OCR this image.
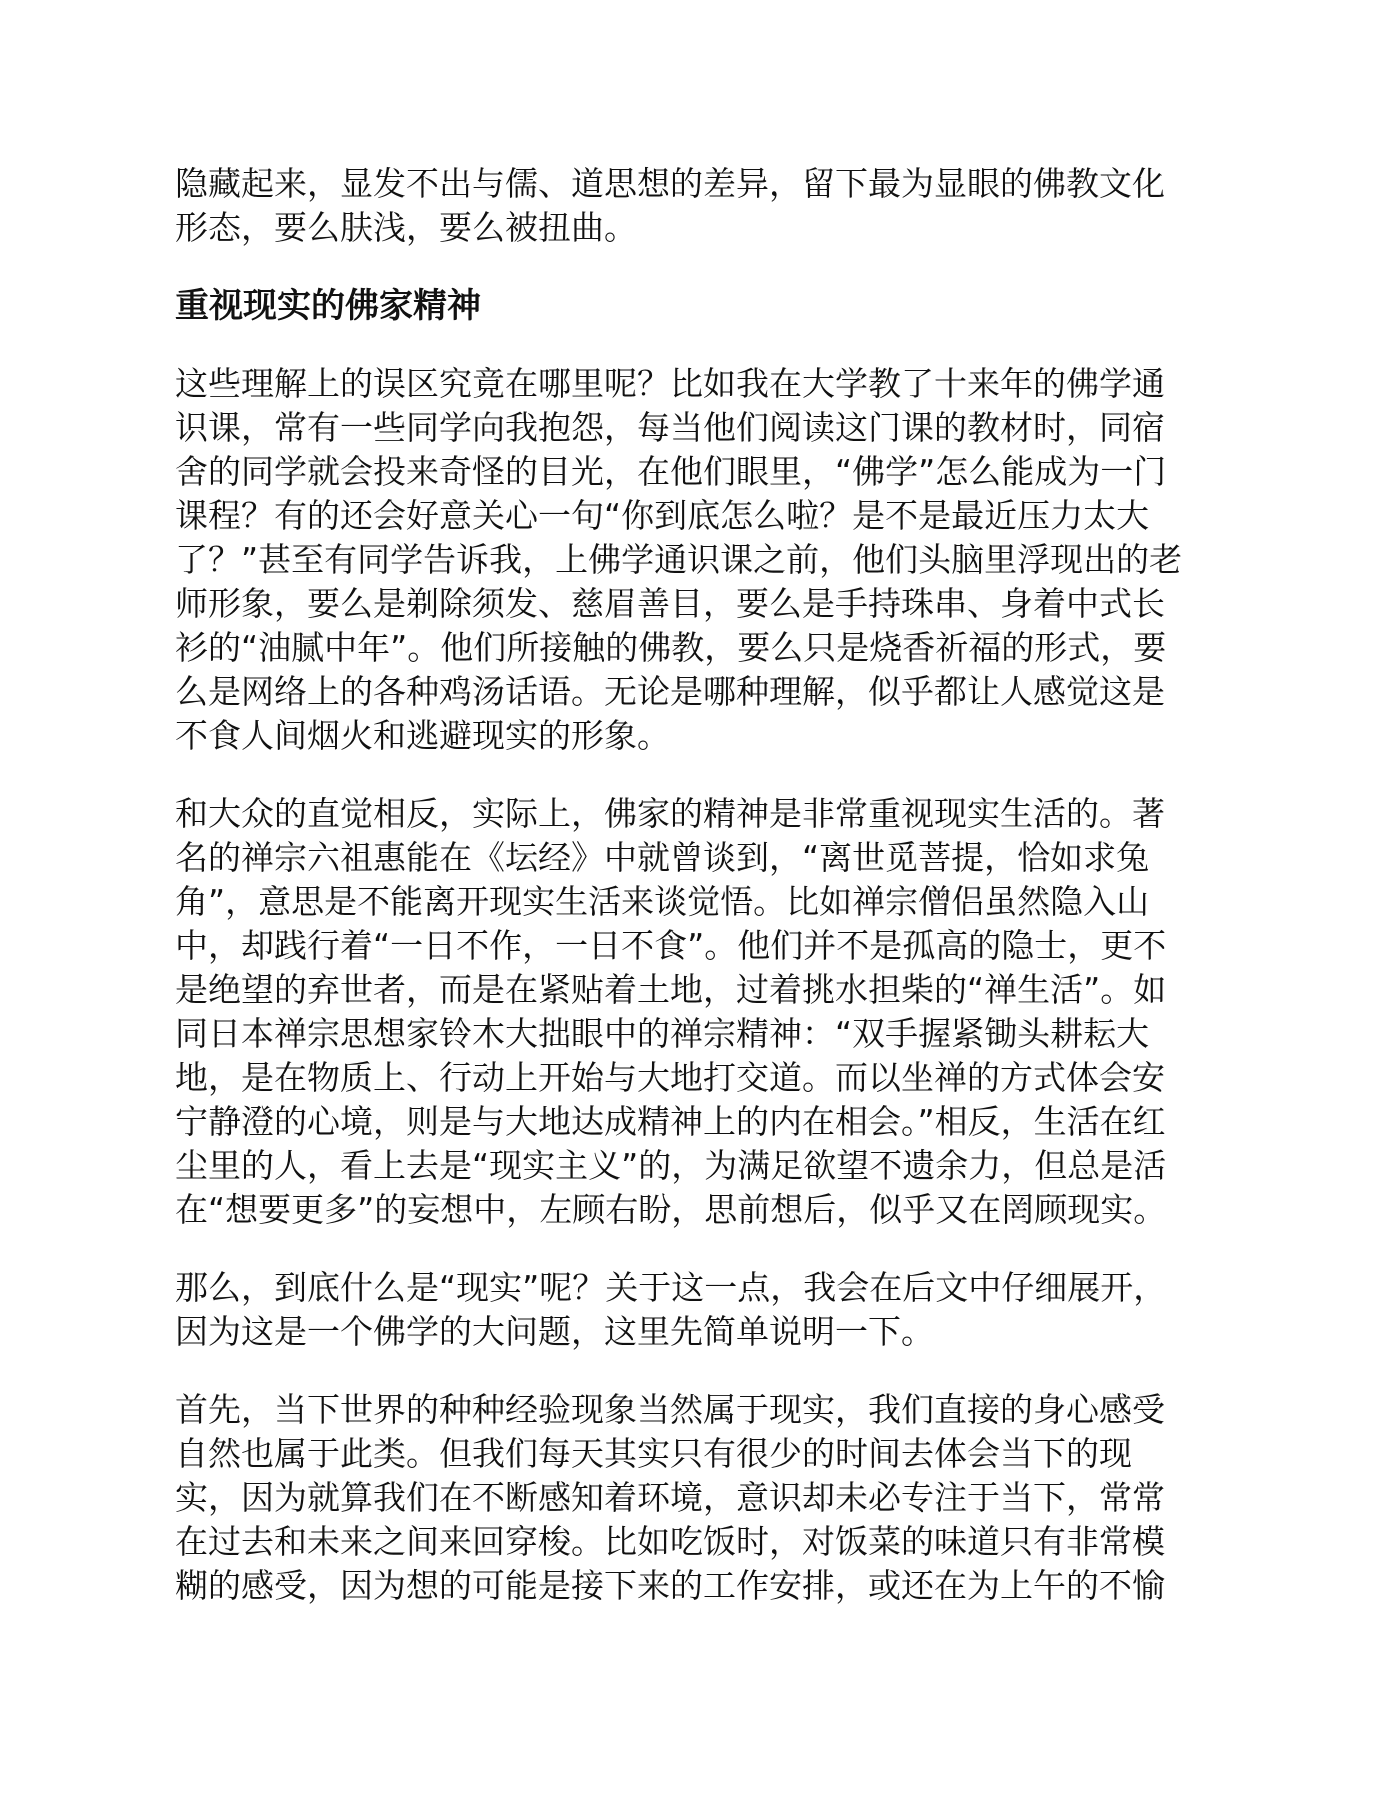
隐藏起来，显发不出与儒、道思想的差异，留下最为显眼的佛教文化
形态，要么肤浅，要么被扭曲。

重视现实的佛家精神

这些理解上的误区究竟在哪里呢？比如我在大学教了十来年的佛学通
识课，常有一些同学向我抱怨，每当他们阅读这门课的教材时，同宿
舍的同学就会投来奇怪的目光，在他们眼里，“佛学”怎么能成为一门
课程？有的还会好意关心一句“你到底怎么啦？是不是最近压力太大
了？”甚至有同学告诉我，上佛学通识课之前，他们头脑里浮现出的老
师形象，要么是剃除须发、慈眉善目，要么是手持珠串、身着中式长
衫的“油腻中年”。他们所接触的佛教，要么只是烧香祈福的形式，要
么是网络上的各种鸡汤话语。无论是哪种理解，似乎都让人感觉这是
不食人间烟火和逃避现实的形象。

和大众的直觉相反，实际上，佛家的精神是非常重视现实生活的。著
名的禅宗六祖惠能在《坛经》中就曾谈到，“离世觅菩提，恰如求兔
角”，意思是不能离开现实生活来谈觉悟。比如禅宗僧侣虽然隐入山
中，却践行着“一日不作，一日不食”。他们并不是孤高的隐士，更不
是绝望的弃世者，而是在紧贴着土地，过着挑水担柴的“禅生活”。如
同日本禅宗思想家铃木大拙眼中的禅宗精神：“双手握紧锄头耕耘大
地，是在物质上、行动上开始与大地打交道。而以坐禅的方式体会安
宁静澄的心境，则是与大地达成精神上的内在相会。”相反，生活在红
尘里的人，看上去是“现实主义”的，为满足欲望不遗余力，但总是活
在“想要更多”的妄想中，左顾右盼，思前想后，似乎又在罔顾现实。

那么，到底什么是“现实”呢？关于这一点，我会在后文中仔细展开，
因为这是一个佛学的大问题，这里先简单说明一下。

首先，当下世界的种种经验现象当然属于现实，我们直接的身心感受
自然也属于此类。但我们每天其实只有很少的时间去体会当下的现
实，因为就算我们在不断感知着环境，意识却未必专注于当下，常常
在过去和未来之间来回穿梭。比如吃饭时，对饭菜的味道只有非常模
糊的感受，因为想的可能是接下来的工作安排，或还在为上午的不愉
